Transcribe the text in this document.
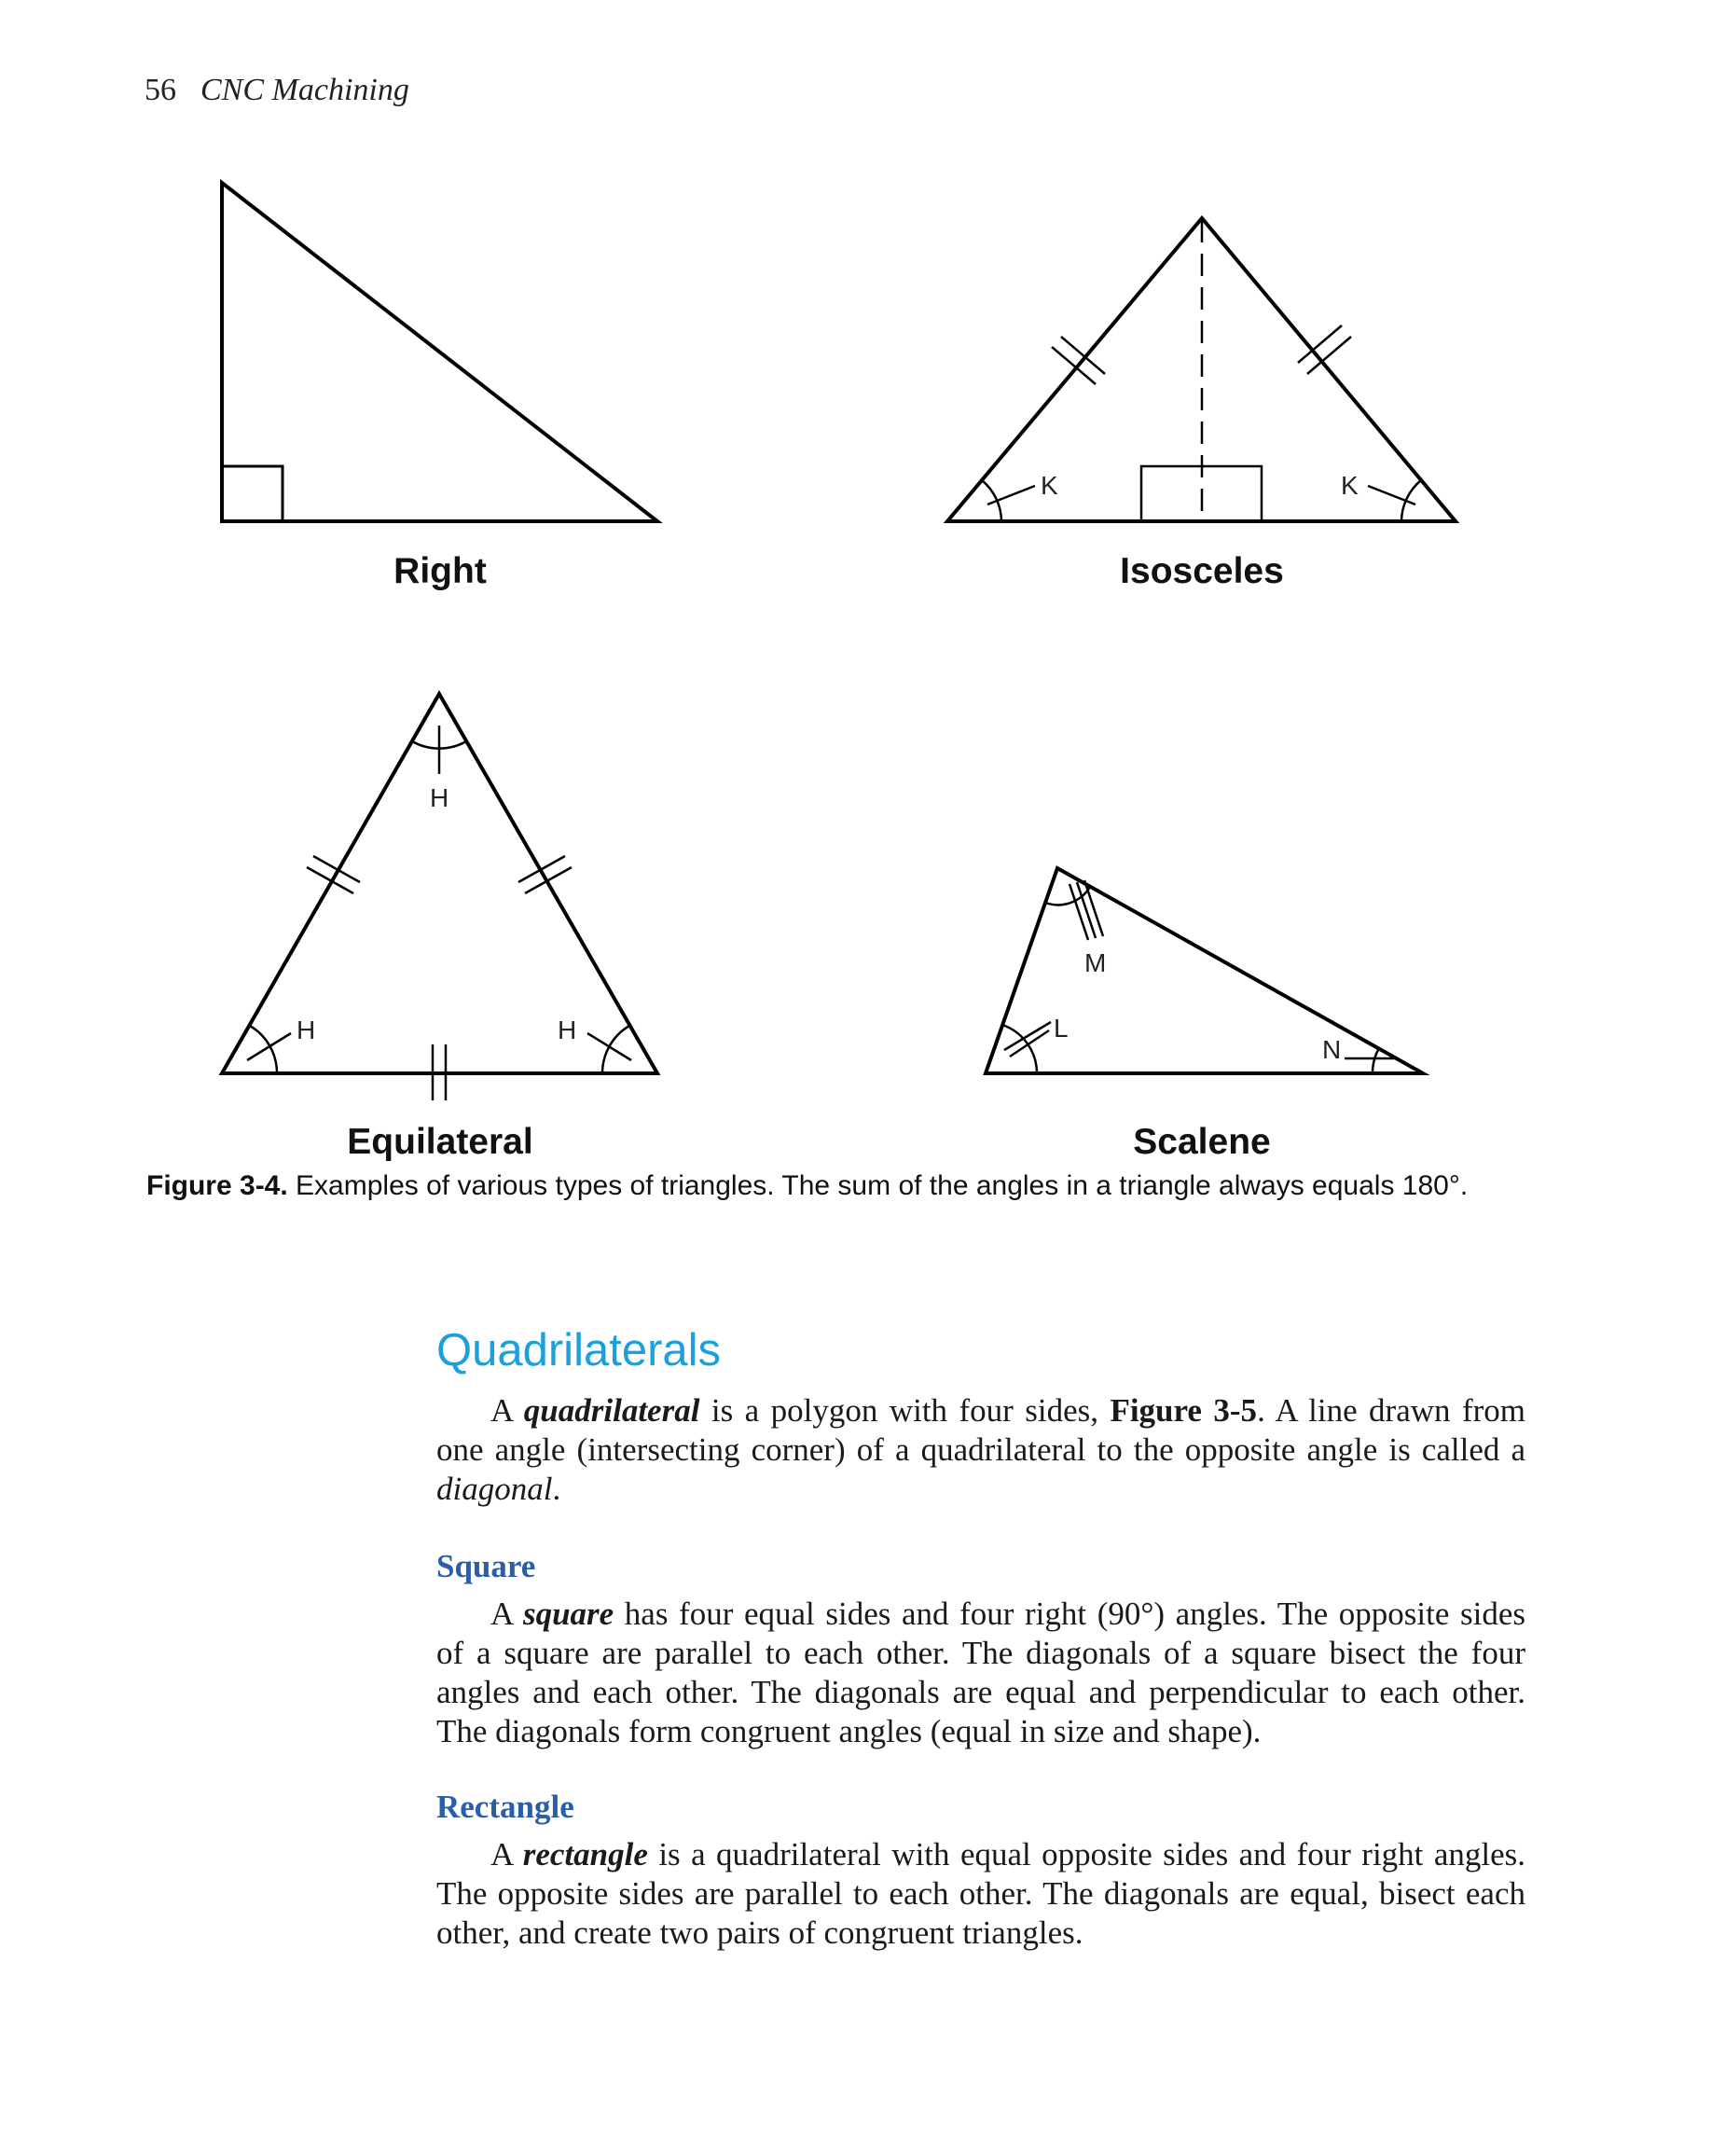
56 CNC Machining
Right	Isosceles
Equilateral	Scalene
K	K
H
H	H
M
L
N
Figure 3-4. Examples of various types of triangles. The sum of the angles in a triangle always equals 180°.
Quadrilaterals

A quadrilateral is a polygon with four sides, Figure 3-5. A line drawn from one angle (intersecting corner) of a quadrilateral to the opposite angle is called a diagonal.

Square

A square has four equal sides and four right (90°) angles. The opposite sides of a square are parallel to each other. The diagonals of a square bisect the four angles and each other. The diagonals are equal and perpendicular to each other. The diagonals form congruent angles (equal in size and shape).

Rectangle

A rectangle is a quadrilateral with equal opposite sides and four right angles. The opposite sides are parallel to each other. The diagonals are equal, bisect each other, and create two pairs of congruent triangles.
